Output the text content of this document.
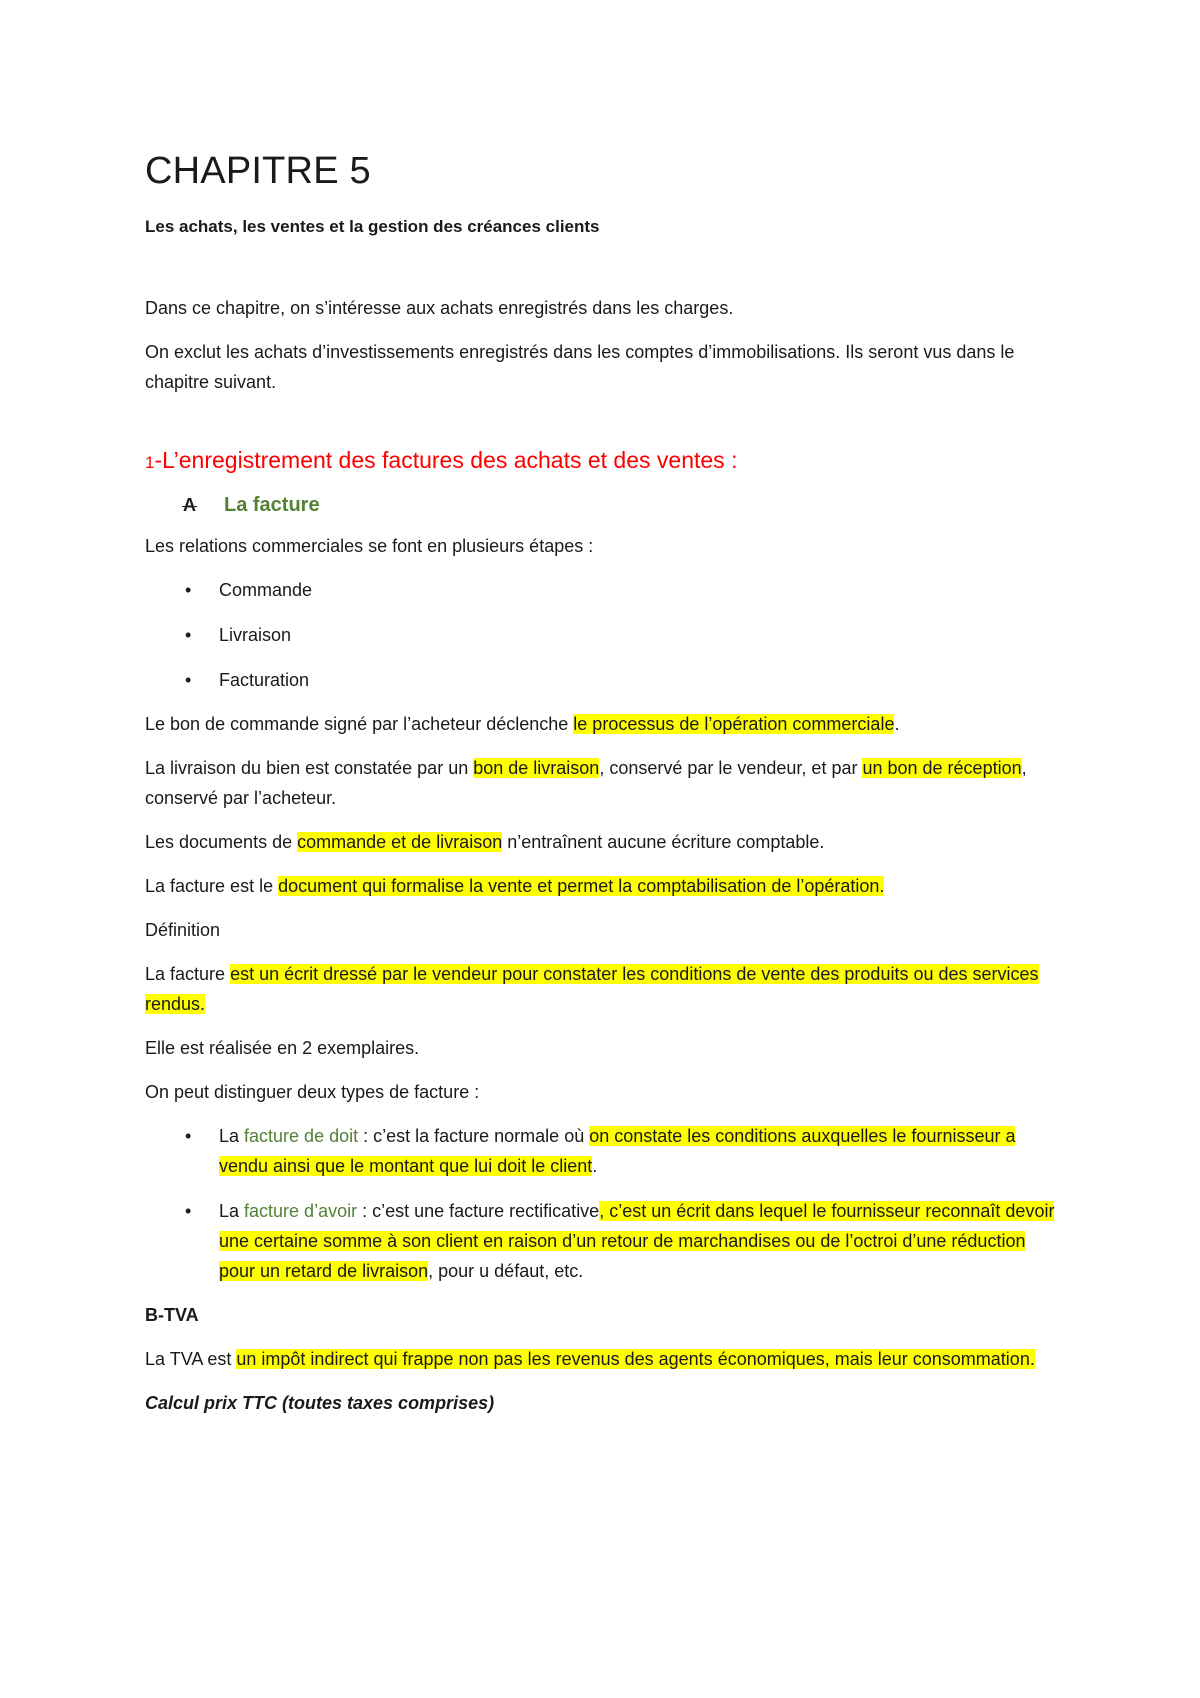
CHAPITRE 5
Les achats, les ventes et la gestion des créances clients

Dans ce chapitre, on s’intéresse aux achats enregistrés dans les charges.

On exclut les achats d’investissements enregistrés dans les comptes d’immobilisations. Ils seront vus dans le chapitre suivant.

1-L’enregistrement des factures des achats et des ventes :
A La facture

Les relations commerciales se font en plusieurs étapes :

• Commande
• Livraison
• Facturation

Le bon de commande signé par l’acheteur déclenche le processus de l’opération commerciale.

La livraison du bien est constatée par un bon de livraison, conservé par le vendeur, et par un bon de réception, conservé par l’acheteur.

Les documents de commande et de livraison n’entraînent aucune écriture comptable.

La facture est le document qui formalise la vente et permet la comptabilisation de l’opération.

Définition

La facture est un écrit dressé par le vendeur pour constater les conditions de vente des produits ou des services rendus.

Elle est réalisée en 2 exemplaires.

On peut distinguer deux types de facture :

• La facture de doit : c’est la facture normale où on constate les conditions auxquelles le fournisseur a vendu ainsi que le montant que lui doit le client.
• La facture d’avoir : c’est une facture rectificative, c’est un écrit dans lequel le fournisseur reconnaît devoir une certaine somme à son client en raison d’un retour de marchandises ou de l’octroi d’une réduction pour un retard de livraison, pour u défaut, etc.

B-TVA

La TVA est un impôt indirect qui frappe non pas les revenus des agents économiques, mais leur consommation.

Calcul prix TTC (toutes taxes comprises)
